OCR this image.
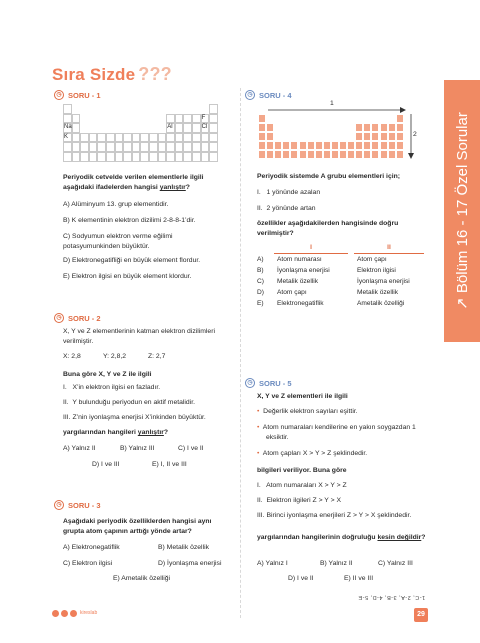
Sıra Sizde ???
↗ Bölüm 16 - 17 Özel Sorular
◷ SORU - 1
Na
K
Al
F
Cl
Periyodik cetvelde verilen elementlerle ilgili aşağıdaki ifadelerden hangisi yanlıştır?
A) Alüminyum 13. grup elementidir.
B) K elementinin elektron dizilimi 2-8-8-1’dir.
C) Sodyumun elektron verme eğilimi potasyumunkinden büyüktür.
D) Elektronegatifliği en büyük element flordur.
E) Elektron ilgisi en büyük element klordur.
◷ SORU - 2
X, Y ve Z elementlerinin katman elektron dizilimleri verilmiştir.
X: 2,8	Y: 2,8,2	Z: 2,7
Buna göre X, Y ve Z ile ilgili
I.   X’in elektron ilgisi en fazladır.
II.  Y bulunduğu periyodun en aktif metalidir.
III. Z’nin iyonlaşma enerjisi X’inkinden büyüktür.
yargılarından hangileri yanlıştır?
A) Yalnız II	B) Yalnız III	C) I ve II
D) I ve III	E) I, II ve III
◷ SORU - 3
Aşağıdaki periyodik özelliklerden hangisi aynı grupta atom çapının arttığı yönde artar?
A) Elektronegatiflik	B) Metalik özellik
C) Elektron ilgisi	D) İyonlaşma enerjisi
E) Ametalik özelliği
◷ SORU - 4
1
2
Periyodik sistemde A grubu elementleri için;
I.   1 yönünde azalan
II.  2 yönünde artan
özellikler aşağıdakilerden hangisinde doğru verilmiştir?
	I		II
A)	Atom numarası		Atom çapı
B)	İyonlaşma enerjisi		Elektron ilgisi
C)	Metalik özellik		İyonlaşma enerjisi
D)	Atom çapı		Metalik özellik
E)	Elektronegatiflik		Ametalik özelliği
◷ SORU - 5
X, Y ve Z elementleri ile ilgili
• Değerlik elektron sayıları eşittir.
• Atom numaraları kendilerine en yakın soygazdan 1 eksiktir.
• Atom çapları X > Y > Z şeklindedir.
bilgileri veriliyor. Buna göre
I.   Atom numaraları X > Y > Z
II.  Elektron ilgileri Z > Y > X
III. Birinci iyonlaşma enerjileri Z > Y > X şeklindedir.
yargılarından hangilerinin doğruluğu kesin değildir?
A) Yalnız I	B) Yalnız II	C) Yalnız III
D) I ve II	E) II ve III
1-C, 2-A, 3-B, 4-D, 5-E
kireslab	29
